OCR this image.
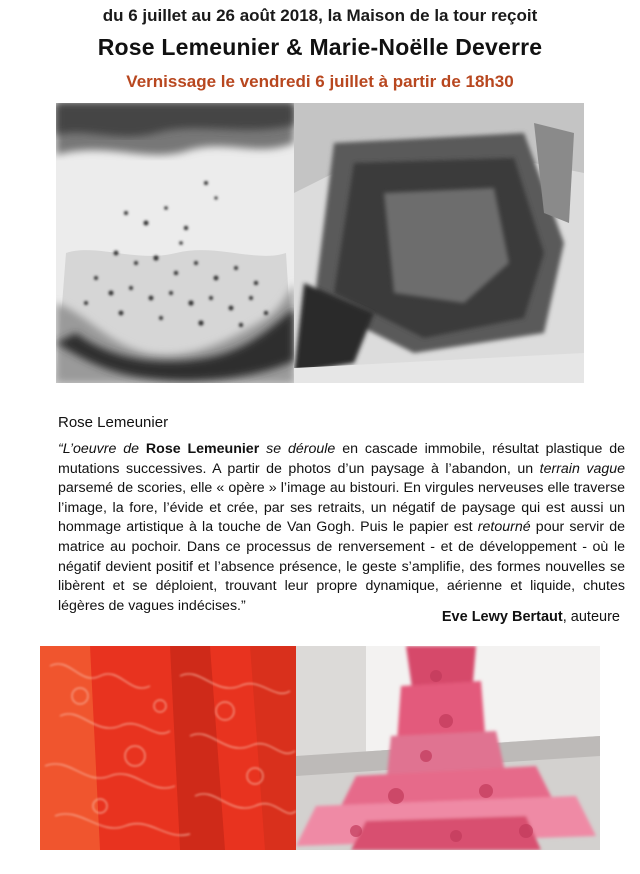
du 6 juillet au 26 août 2018, la Maison de la tour reçoit
Rose Lemeunier & Marie-Noëlle Deverre
Vernissage le vendredi 6 juillet à partir de 18h30
Rose Lemeunier
“L’oeuvre de Rose Lemeunier se déroule en cascade immobile, résultat plastique de mutations successives. A partir de photos d’un paysage à l’abandon, un terrain vague parsemé de scories, elle « opère » l’image au bistouri. En virgules nerveuses elle traverse l’image, la fore, l’évide et crée, par ses retraits, un négatif de paysage qui est aussi un hommage artistique à la touche de Van Gogh. Puis le papier est retourné pour servir de matrice au pochoir. Dans ce processus de renversement - et de développement - où le négatif devient positif et l’absence présence, le geste s’amplifie, des formes nouvelles se libèrent et se déploient, trouvant leur propre dynamique, aérienne et liquide, chutes légères de vagues indécises.”
Eve Lewy Bertaut, auteure
